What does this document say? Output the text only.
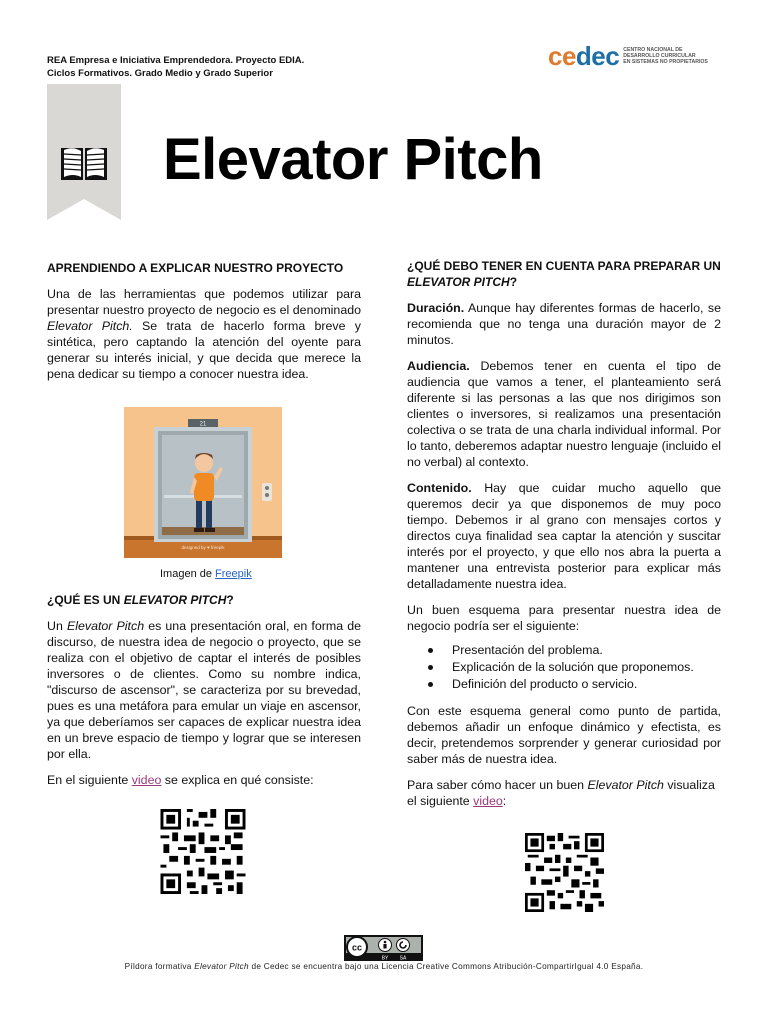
REA Empresa e Iniciativa Emprendedora. Proyecto EDIA.
Ciclos Formativos. Grado Medio y Grado Superior
cedec CENTRO NACIONAL DE
DESARROLLO CURRICULAR
EN SISTEMAS NO PROPIETARIOS
Elevator Pitch
APRENDIENDO A EXPLICAR NUESTRO PROYECTO

Una de las herramientas que podemos utilizar para presentar nuestro proyecto de negocio es el denominado Elevator Pitch. Se trata de hacerlo forma breve y sintética, pero captando la atención del oyente para generar su interés inicial, y que decida que merece la pena dedicar su tiempo a conocer nuestra idea.

21
designed by ♥ freepik
Imagen de Freepik
¿QUÉ ES UN ELEVATOR PITCH?

Un Elevator Pitch es una presentación oral, en forma de discurso, de nuestra idea de negocio o proyecto, que se realiza con el objetivo de captar el interés de posibles inversores o de clientes. Como su nombre indica, "discurso de ascensor", se caracteriza por su brevedad, pues es una metáfora para emular un viaje en ascensor, ya que deberíamos ser capaces de explicar nuestra idea en un breve espacio de tiempo y lograr que se interesen por ella.

En el siguiente video se explica en qué consiste:

¿QUÉ DEBO TENER EN CUENTA PARA PREPARAR UN ELEVATOR PITCH?

Duración. Aunque hay diferentes formas de hacerlo, se recomienda que no tenga una duración mayor de 2 minutos.

Audiencia. Debemos tener en cuenta el tipo de audiencia que vamos a tener, el planteamiento será diferente si las personas a las que nos dirigimos son clientes o inversores, si realizamos una presentación colectiva o se trata de una charla individual informal. Por lo tanto, deberemos adaptar nuestro lenguaje (incluido el no verbal) al contexto.

Contenido. Hay que cuidar mucho aquello que queremos decir ya que disponemos de muy poco tiempo. Debemos ir al grano con mensajes cortos y directos cuya finalidad sea captar la atención y suscitar interés por el proyecto, y que ello nos abra la puerta a mantener una entrevista posterior para explicar más detalladamente nuestra idea.

Un buen esquema para presentar nuestra idea de negocio podría ser el siguiente:

Presentación del problema.
Explicación de la solución que proponemos.
Definición del producto o servicio.

Con este esquema general como punto de partida, debemos añadir un enfoque dinámico y efectista, es decir, pretendemos sorprender y generar curiosidad por saber más de nuestra idea.

Para saber cómo hacer un buen Elevator Pitch visualiza el siguiente video:

cc
BY SA
Píldora formativa Elevator Pitch de Cedec se encuentra bajo una Licencia Creative Commons Atribución-CompartirIgual 4.0 España.
